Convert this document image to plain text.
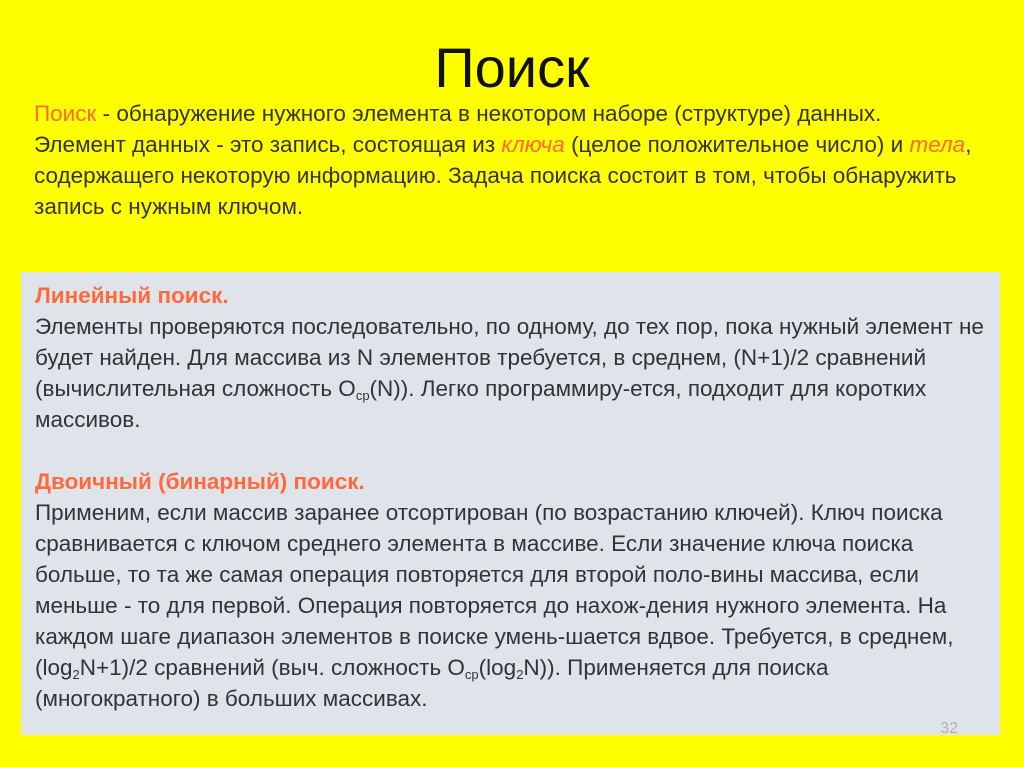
Поиск
Поиск - обнаружение нужного элемента в некотором наборе (структуре) данных.
Элемент данных - это запись, состоящая из ключа (целое положительное число) и тела, содержащего некоторую информацию. Задача поиска состоит в том, чтобы обнаружить запись с нужным ключом.
Линейный поиск.
Элементы проверяются последовательно, по одному, до тех пор, пока нужный элемент не будет найден. Для массива из N элементов требуется, в среднем, (N+1)/2 сравнений (вычислительная сложность $O_{ср}(N)$). Легко программиру-ется, подходит для коротких массивов.
Двоичный (бинарный) поиск.
Применим, если массив заранее отсортирован (по возрастанию ключей). Ключ поиска сравнивается с ключом среднего элемента в массиве. Если значение ключа поиска больше, то та же самая операция повторяется для второй поло-вины массива, если меньше - то для первой. Операция повторяется до нахож-дения нужного элемента. На каждом шаге диапазон элементов в поиске умень-шается вдвое. Требуется, в среднем, $(\log_2N+1)/2$ сравнений (выч. сложность $O_{ср}(\log_2N)$). Применяется для поиска (многократного) в больших массивах.
32
